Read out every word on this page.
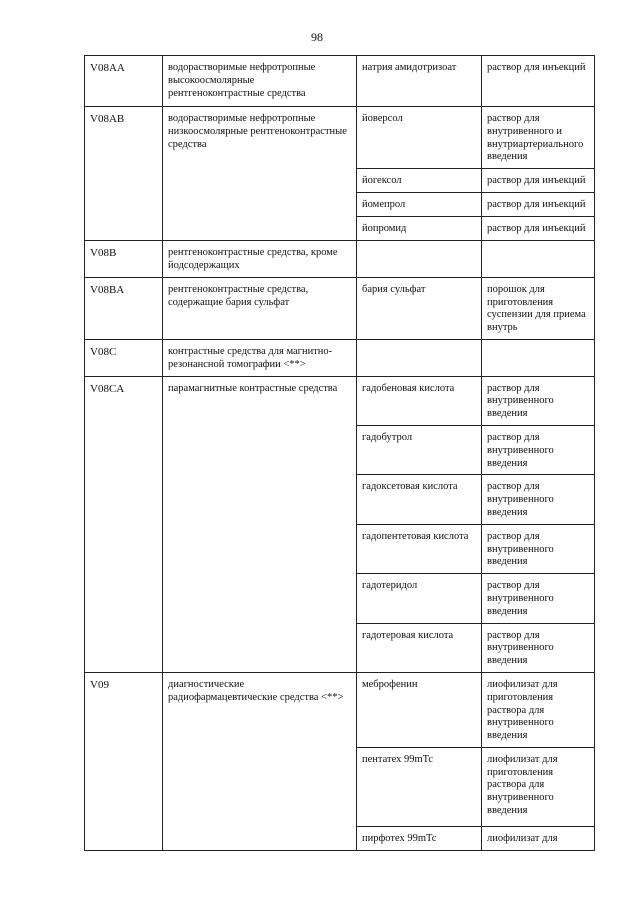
98
V08AA	водорастворимые нефротропные высокоосмолярные рентгеноконтрастные средства	натрия амидотризоат	раствор для инъекций
V08AB	водорастворимые нефротропные низкоосмолярные рентгеноконтрастные средства	йоверсол	раствор для внутривенного и внутриартериального введения
		йогексол	раствор для инъекций
		йомепрол	раствор для инъекций
		йопромид	раствор для инъекций
V08B	рентгеноконтрастные средства, кроме йодсодержащих		
V08BA	рентгеноконтрастные средства, содержащие бария сульфат	бария сульфат	порошок для приготовления суспензии для приема внутрь
V08C	контрастные средства для магнитно-резонансной томографии <**>		
V08CA	парамагнитные контрастные средства	гадобеновая кислота	раствор для внутривенного введения
		гадобутрол	раствор для внутривенного введения
		гадоксетовая кислота	раствор для внутривенного введения
		гадопентетовая кислота	раствор для внутривенного введения
		гадотеридол	раствор для внутривенного введения
		гадотеровая кислота	раствор для внутривенного введения
V09	диагностические радиофармацевтические средства <**>	меброфенин	лиофилизат для приготовления раствора для внутривенного введения
		пентатех 99mTc	лиофилизат для приготовления раствора для внутривенного введения
		пирфотех 99mTc	лиофилизат для
